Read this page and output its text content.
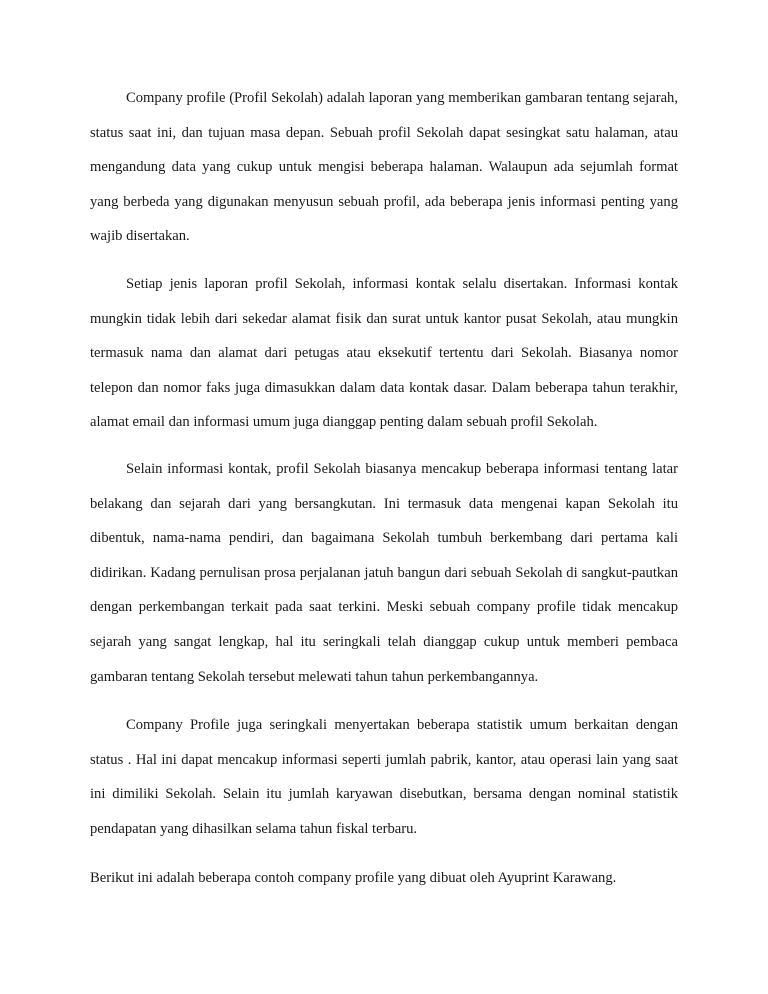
Company profile (Profil Sekolah) adalah laporan yang memberikan gambaran tentang sejarah, status saat ini, dan tujuan masa depan. Sebuah profil Sekolah dapat sesingkat satu halaman, atau mengandung data yang cukup untuk mengisi beberapa halaman. Walaupun ada sejumlah format yang berbeda yang digunakan menyusun sebuah profil, ada beberapa jenis informasi penting yang wajib disertakan.

Setiap jenis laporan profil Sekolah, informasi kontak selalu disertakan. Informasi kontak mungkin tidak lebih dari sekedar alamat fisik dan surat untuk kantor pusat Sekolah, atau mungkin termasuk nama dan alamat dari petugas atau eksekutif tertentu dari Sekolah. Biasanya nomor telepon dan nomor faks juga dimasukkan dalam data kontak dasar. Dalam beberapa tahun terakhir, alamat email dan informasi umum juga dianggap penting dalam sebuah profil Sekolah.

Selain informasi kontak, profil Sekolah biasanya mencakup beberapa informasi tentang latar belakang dan sejarah dari yang bersangkutan. Ini termasuk data mengenai kapan Sekolah itu dibentuk, nama-nama pendiri, dan bagaimana Sekolah tumbuh berkembang dari pertama kali didirikan. Kadang pernulisan prosa perjalanan jatuh bangun dari sebuah Sekolah di sangkut-pautkan dengan perkembangan terkait pada saat terkini. Meski sebuah company profile tidak mencakup sejarah yang sangat lengkap, hal itu seringkali telah dianggap cukup untuk memberi pembaca gambaran tentang Sekolah tersebut melewati tahun tahun perkembangannya.

Company Profile juga seringkali menyertakan beberapa statistik umum berkaitan dengan status . Hal ini dapat mencakup informasi seperti jumlah pabrik, kantor, atau operasi lain yang saat ini dimiliki Sekolah. Selain itu jumlah karyawan disebutkan, bersama dengan nominal statistik pendapatan yang dihasilkan selama tahun fiskal terbaru.

Berikut ini adalah beberapa contoh company profile yang dibuat oleh Ayuprint Karawang.
